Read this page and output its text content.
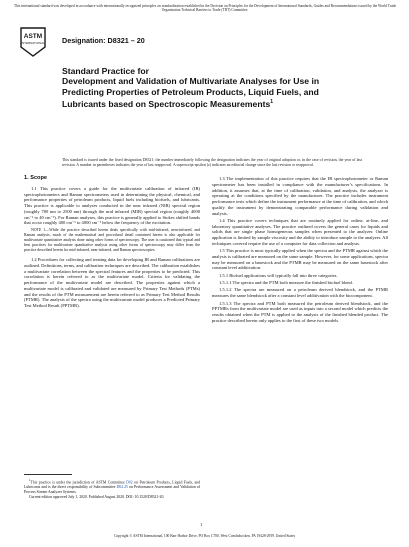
This international standard was developed in accordance with internationally recognized principles on standardization established in the Decision on Principles for the Development of International Standards, Guides and Recommendations issued by the World Trade Organization Technical Barriers to Trade (TBT) Committee.
ASTM
INTERNATIONAL Designation: D8321 – 20
Standard Practice for
Development and Validation of Multivariate Analyses for Use in Predicting Properties of Petroleum Products, Liquid Fuels, and Lubricants based on Spectroscopic Measurements$^1$
This standard is issued under the fixed designation D8321; the number immediately following the designation indicates the year of original adoption or, in the case of revision, the year of last revision. A number in parentheses indicates the year of last reapproval. A superscript epsilon (ε) indicates an editorial change since the last revision or reapproval.
1. Scope

1.1 This practice covers a guide for the multivariate calibration of infrared (IR) spectrophotometers and Raman spectrometers used in determining the physical, chemical, and performance properties of petroleum products, liquid fuels including biofuels, and lubricants. This practice is applicable to analyses conducted in the near infrared (NIR) spectral region (roughly 780 nm to 2500 nm) through the mid infrared (MIR) spectral region (roughly 4000 cm⁻¹ to 40 cm⁻¹). For Raman analyses, this practice is generally applied to Stokes shifted bands that occur roughly 400 cm⁻¹ to 4000 cm⁻¹ below the frequency of the excitation.

NOTE 1—While the practice described herein deals specifically with mid-infrared, near-infrared, and Raman analysis, much of the mathematical and procedural detail contained herein is also applicable for multivariate quantitative analysis done using other forms of spectroscopy. The user is cautioned that typical and best practices for multivariate quantitative analysis using other forms of spectroscopy may differ from the practice described herein for mid-infrared, near-infrared, and Raman spectroscopies.

1.2 Procedures for collecting and treating data for developing IR and Raman calibrations are outlined. Definitions, terms, and calibration techniques are described. The calibration establishes a multivariate correlation between the spectral features and the properties to be predicted. This correlation is herein referred to as the multivariate model. Criteria for validating the performance of the multivariate model are described. The properties against which a multivariate model is calibrated and validated are measured by Primary Test Methods (PTMs) and the results of the PTM measurement are herein referred to as Primary Test Method Results (PTMR). The analysis of the spectra using the multivariate model produces a Predicted Primary Test Method Result (PPTMR).

$^1$This practice is under the jurisdiction of ASTM Committee D02 on Petroleum Products, Liquid Fuels, and Lubricants and is the direct responsibility of Subcommittee D02.25 on Performance Assessment and Validation of Process Stream Analyzer Systems.

Current edition approved July 1, 2020. Published August 2020. DOI: 10.1520/D8321-20.

1.3 The implementation of this practice requires that the IR spectrophotometer or Raman spectrometer has been installed in compliance with the manufacturer’s specifications. In addition, it assumes that, at the time of calibration, validation, and analysis, the analyzer is operating at the conditions specified by the manufacturer. The practice includes instrument performance tests which define the instrument performance at the time of calibration, and which qualify the instrument by demonstrating comparable performance during validation and analysis.

1.4 This practice covers techniques that are routinely applied for online, at-line, and laboratory quantitative analyses. The practice outlined covers the general cases for liquids and solids that are single phase homogeneous samples when presented to the analyzer. Online application is limited by sample viscosity and the ability to introduce sample to the analyzer. All techniques covered require the use of a computer for data collection and analysis.

1.5 This practice is most typically applied when the spectra and the PTMR against which the analysis is calibrated are measured on the same sample. However, for some applications, spectra may be measured on a basestock and the PTMR may be measured on the same basestock after constant level additivation.

1.5.1 Biofuel applications will typically fall into three categories.

1.5.1.1 The spectra and the PTM both measure the finished biofuel blend.

1.5.1.2 The spectra are measured on a petroleum derived blendstock, and the PTMR measures the same blendstock after a constant level additivation with the biocomponent.

1.5.1.3 The spectra and PTM both measured the petroleum derived blendstock, and the PPTMRs from the multivariate model are used as inputs into a second model which predicts the results obtained when the PTM is applied to the analysis of the finished blended product. The practice described herein only applies to the first of these two models.

1
Copyright © ASTM International, 100 Barr Harbor Drive, PO Box C700, West Conshohocken, PA 19428-2959. United States
